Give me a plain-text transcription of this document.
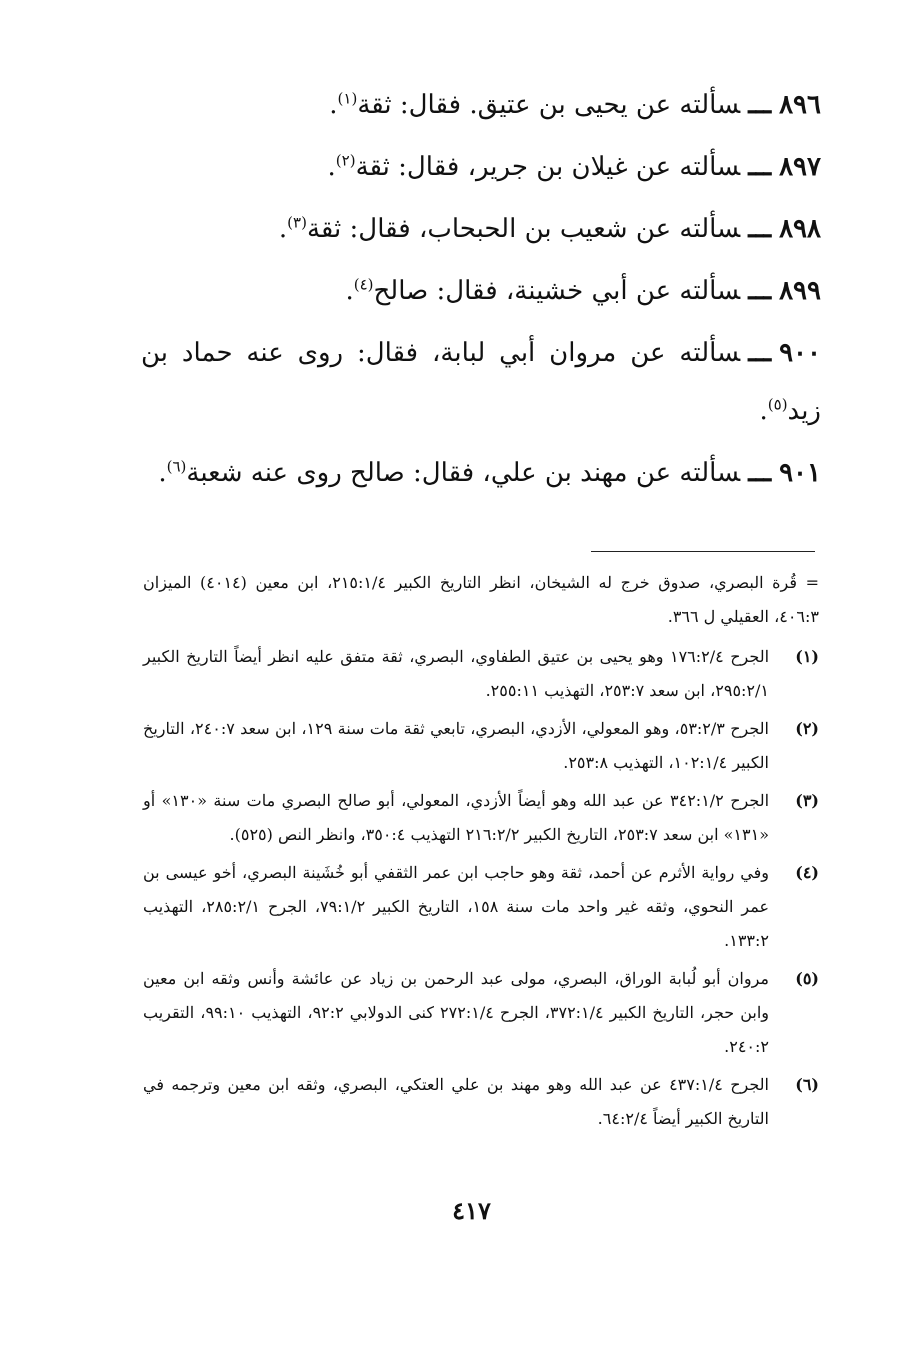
٨٩٦ـــسألته عن يحيى بن عتيق. فقال: ثقة$^{(١)}$.

٨٩٧ـــسألته عن غيلان بن جرير، فقال: ثقة$^{(٢)}$.

٨٩٨ـــسألته عن شعيب بن الحبحاب، فقال: ثقة$^{(٣)}$.

٨٩٩ـــسألته عن أبي خشينة، فقال: صالح$^{(٤)}$.

٩٠٠ـــسألته عن مروان أبي لبابة، فقال: روى عنه حماد بن زيد$^{(٥)}$.

٩٠١ـــسألته عن مهند بن علي، فقال: صالح روى عنه شعبة$^{(٦)}$.

= قُرة البصري، صدوق خرج له الشيخان، انظر التاريخ الكبير ٢١٥:١/٤، ابن معين (٤٠١٤) الميزان ٤٠٦:٣، العقيلي ل ٣٦٦.

(١)
الجرح ١٧٦:٢/٤ وهو يحيى بن عتيق الطفاوي، البصري، ثقة متفق عليه انظر أيضاً التاريخ الكبير ٢٩٥:٢/١، ابن سعد ٢٥٣:٧، التهذيب ٢٥٥:١١.
(٢)
الجرح ٥٣:٢/٣، وهو المعولي، الأزدي، البصري، تابعي ثقة مات سنة ١٢٩، ابن سعد ٢٤٠:٧، التاريخ الكبير ١٠٢:١/٤، التهذيب ٢٥٣:٨.
(٣)
الجرح ٣٤٢:١/٢ عن عبد الله وهو أيضاً الأزدي، المعولي، أبو صالح البصري مات سنة «١٣٠» أو «١٣١» ابن سعد ٢٥٣:٧، التاريخ الكبير ٢١٦:٢/٢ التهذيب ٣٥٠:٤، وانظر النص (٥٢٥).
(٤)
وفي رواية الأثرم عن أحمد، ثقة وهو حاجب ابن عمر الثقفي أبو خُشَينة البصري، أخو عيسى بن عمر النحوي، وثقه غير واحد مات سنة ١٥٨، التاريخ الكبير ٧٩:١/٢، الجرح ٢٨٥:٢/١، التهذيب ١٣٣:٢.
(٥)
مروان أبو لُبابة الوراق، البصري، مولى عبد الرحمن بن زياد عن عائشة وأنس وثقه ابن معين وابن حجر، التاريخ الكبير ٣٧٢:١/٤، الجرح ٢٧٢:١/٤ كنى الدولابي ٩٢:٢، التهذيب ٩٩:١٠، التقريب ٢٤٠:٢.
(٦)
الجرح ٤٣٧:١/٤ عن عبد الله وهو مهند بن علي العتكي، البصري، وثقه ابن معين وترجمه في التاريخ الكبير أيضاً ٦٤:٢/٤.
٤١٧
